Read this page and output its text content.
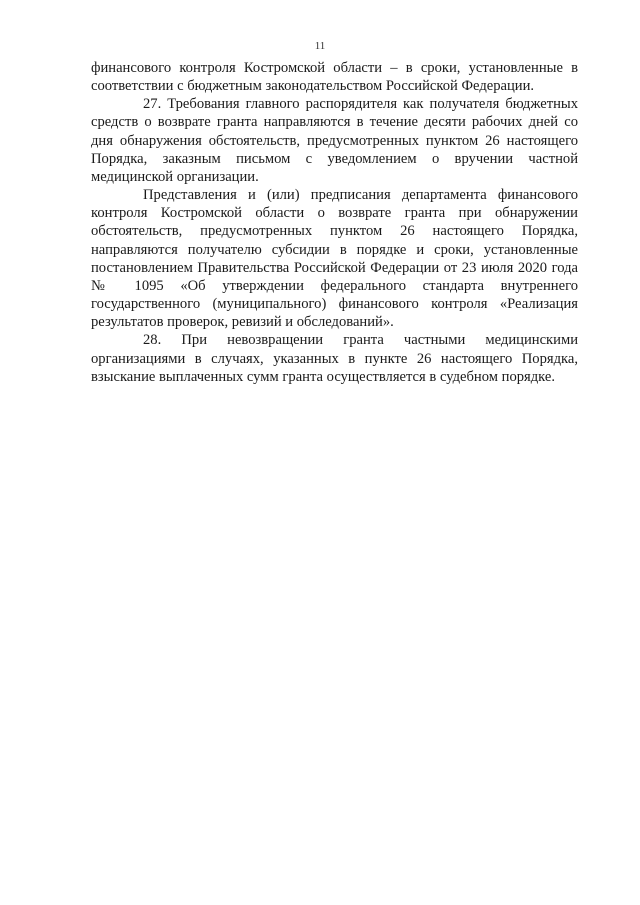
11

финансового контроля Костромской области – в сроки, установленные в соответствии с бюджетным законодательством Российской Федерации.

27. Требования главного распорядителя как получателя бюджетных средств о возврате гранта направляются в течение десяти рабочих дней со дня обнаружения обстоятельств, предусмотренных пунктом 26 настоящего Порядка, заказным письмом с уведомлением о вручении частной медицинской организации.

Представления и (или) предписания департамента финансового контроля Костромской области о возврате гранта при обнаружении обстоятельств, предусмотренных пунктом 26 настоящего Порядка, направляются получателю субсидии в порядке и сроки, установленные постановлением Правительства Российской Федерации от 23 июля 2020 года № 1095 «Об утверждении федерального стандарта внутреннего государственного (муниципального) финансового контроля «Реализация результатов проверок, ревизий и обследований».

28. При невозвращении гранта частными медицинскими организациями в случаях, указанных в пункте 26 настоящего Порядка, взыскание выплаченных сумм гранта осуществляется в судебном порядке.
